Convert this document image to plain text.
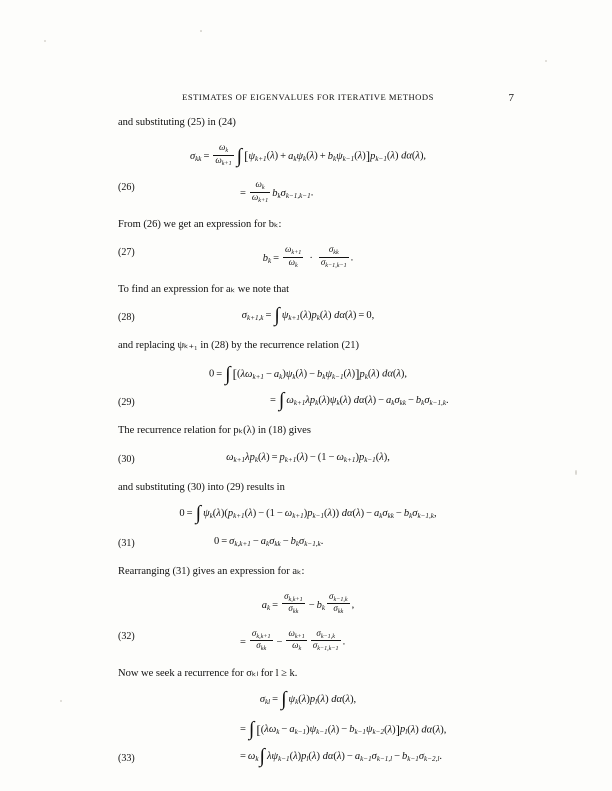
ESTIMATES OF EIGENVALUES FOR ITERATIVE METHODS	7

and substituting (25) in (24)

$\sigma_{kk} = \frac{\omega_k}{\omega_{k+1}}$ ∫ $[\psi_{k+1}(\lambda) + a_k\psi_k(\lambda) + b_k\psi_{k-1}(\lambda)]p_{k-1}(\lambda)$ dα(λ),
(26)
= $\frac{\omega_k}{\omega_{k+1}} b_k\sigma_{k-1,k-1}$.

From (26) we get an expression for bₖ:

(27)
$b_k = \frac{\omega_{k+1}}{\omega_k} \cdot \frac{\sigma_{kk}}{\sigma_{k-1,k-1}}$ .

To find an expression for aₖ we note that

(28)	$\sigma_{k+1,k}$ = ∫ $\psi_{k+1}(\lambda)p_k(\lambda) d\alpha(\lambda) = 0$,

and replacing ψₖ₊₁ in (28) by the recurrence relation (21)

0 = ∫ $[(\lambda\omega_{k+1} - a_k)\psi_k(\lambda) - b_k\psi_{k-1}(\lambda)]p_k(\lambda)$ dα(λ),
(29)	= ∫ $\omega_{k+1}\lambda p_k(\lambda)\psi_k(\lambda) d\alpha(\lambda) - a_k\sigma_{kk} - b_k\sigma_{k-1,k}$.

The recurrence relation for pₖ(λ) in (18) gives

(30)	$\omega_{k+1}\lambda p_k(\lambda) = p_{k+1}(\lambda) - (1 - \omega_{k+1})p_{k-1}(\lambda)$,

and substituting (30) into (29) results in

0 = ∫ $\psi_k(\lambda)(p_{k+1}(\lambda) - (1 - \omega_{k+1})p_{k-1}(\lambda)) d\alpha(\lambda) - a_k\sigma_{kk} - b_k\sigma_{k-1,k}$,
(31)	$0 = \sigma_{k,k+1} - a_k\sigma_{kk} - b_k\sigma_{k-1,k}$.

Rearranging (31) gives an expression for aₖ:

$a_k = \frac{\sigma_{k,k+1}}{\sigma_{kk}} - b_k \frac{\sigma_{k-1,k}}{\sigma_{kk}}$ ,
(32)
= $\frac{\sigma_{k,k+1}}{\sigma_{kk}} - \frac{\omega_{k+1}}{\omega_k} \frac{\sigma_{k-1,k}}{\sigma_{k-1,k-1}}$ .

Now we seek a recurrence for σₖₗ for l ≥ k.

$\sigma_{kl}$ = ∫ $\psi_k(\lambda)p_l(\lambda)$ dα(λ),
= ∫ $[(\lambda\omega_k - a_{k-1})\psi_{k-1}(\lambda) - b_{k-1}\psi_{k-2}(\lambda)]p_l(\lambda)$ dα(λ),
(33)	= $\omega_k\int$ $\lambda\psi_{k-1}(\lambda)p_l(\lambda) d\alpha(\lambda) - a_{k-1}\sigma_{k-1,l} - b_{k-1}\sigma_{k-2,l}$.
